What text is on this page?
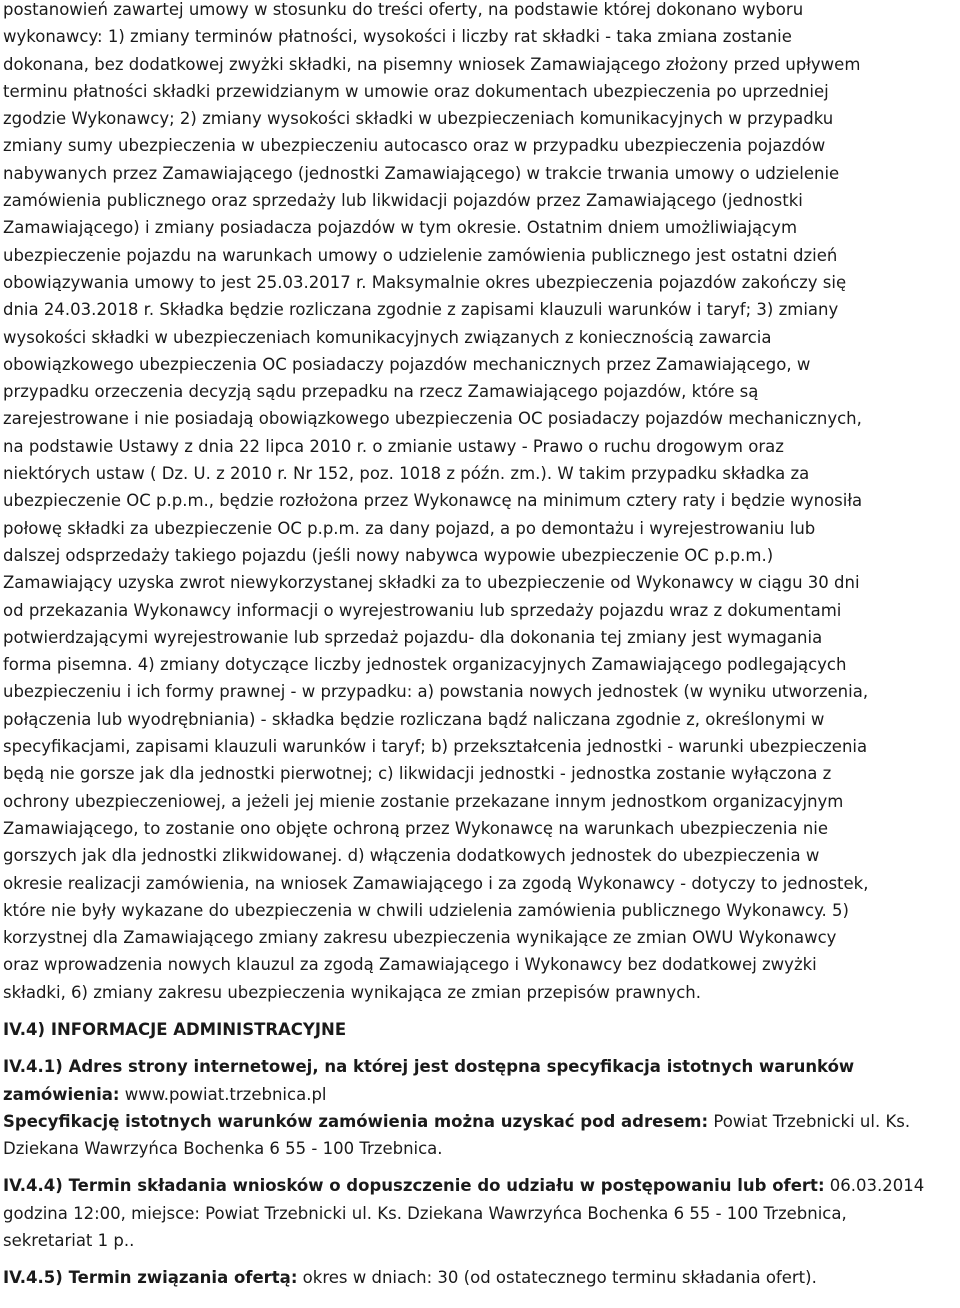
postanowień zawartej umowy w stosunku do treści oferty, na podstawie której dokonano wyboru
wykonawcy: 1) zmiany terminów płatności, wysokości i liczby rat składki - taka zmiana zostanie
dokonana, bez dodatkowej zwyżki składki, na pisemny wniosek Zamawiającego złożony przed upływem
terminu płatności składki przewidzianym w umowie oraz dokumentach ubezpieczenia po uprzedniej
zgodzie Wykonawcy; 2) zmiany wysokości składki w ubezpieczeniach komunikacyjnych w przypadku
zmiany sumy ubezpieczenia w ubezpieczeniu autocasco oraz w przypadku ubezpieczenia pojazdów
nabywanych przez Zamawiającego (jednostki Zamawiającego) w trakcie trwania umowy o udzielenie
zamówienia publicznego oraz sprzedaży lub likwidacji pojazdów przez Zamawiającego (jednostki
Zamawiającego) i zmiany posiadacza pojazdów w tym okresie. Ostatnim dniem umożliwiającym
ubezpieczenie pojazdu na warunkach umowy o udzielenie zamówienia publicznego jest ostatni dzień
obowiązywania umowy to jest 25.03.2017 r. Maksymalnie okres ubezpieczenia pojazdów zakończy się
dnia 24.03.2018 r. Składka będzie rozliczana zgodnie z zapisami klauzuli warunków i taryf; 3) zmiany
wysokości składki w ubezpieczeniach komunikacyjnych związanych z koniecznością zawarcia
obowiązkowego ubezpieczenia OC posiadaczy pojazdów mechanicznych przez Zamawiającego, w
przypadku orzeczenia decyzją sądu przepadku na rzecz Zamawiającego pojazdów, które są
zarejestrowane i nie posiadają obowiązkowego ubezpieczenia OC posiadaczy pojazdów mechanicznych,
na podstawie Ustawy z dnia 22 lipca 2010 r. o zmianie ustawy - Prawo o ruchu drogowym oraz
niektórych ustaw ( Dz. U. z 2010 r. Nr 152, poz. 1018 z późn. zm.). W takim przypadku składka za
ubezpieczenie OC p.p.m., będzie rozłożona przez Wykonawcę na minimum cztery raty i będzie wynosiła
połowę składki za ubezpieczenie OC p.p.m. za dany pojazd, a po demontażu i wyrejestrowaniu lub
dalszej odsprzedaży takiego pojazdu (jeśli nowy nabywca wypowie ubezpieczenie OC p.p.m.)
Zamawiający uzyska zwrot niewykorzystanej składki za to ubezpieczenie od Wykonawcy w ciągu 30 dni
od przekazania Wykonawcy informacji o wyrejestrowaniu lub sprzedaży pojazdu wraz z dokumentami
potwierdzającymi wyrejestrowanie lub sprzedaż pojazdu- dla dokonania tej zmiany jest wymagania
forma pisemna. 4) zmiany dotyczące liczby jednostek organizacyjnych Zamawiającego podlegających
ubezpieczeniu i ich formy prawnej - w przypadku: a) powstania nowych jednostek (w wyniku utworzenia,
połączenia lub wyodrębniania) - składka będzie rozliczana bądź naliczana zgodnie z, określonymi w
specyfikacjami, zapisami klauzuli warunków i taryf; b) przekształcenia jednostki - warunki ubezpieczenia
będą nie gorsze jak dla jednostki pierwotnej; c) likwidacji jednostki - jednostka zostanie wyłączona z
ochrony ubezpieczeniowej, a jeżeli jej mienie zostanie przekazane innym jednostkom organizacyjnym
Zamawiającego, to zostanie ono objęte ochroną przez Wykonawcę na warunkach ubezpieczenia nie
gorszych jak dla jednostki zlikwidowanej. d) włączenia dodatkowych jednostek do ubezpieczenia w
okresie realizacji zamówienia, na wniosek Zamawiającego i za zgodą Wykonawcy - dotyczy to jednostek,
które nie były wykazane do ubezpieczenia w chwili udzielenia zamówienia publicznego Wykonawcy. 5)
korzystnej dla Zamawiającego zmiany zakresu ubezpieczenia wynikające ze zmian OWU Wykonawcy
oraz wprowadzenia nowych klauzul za zgodą Zamawiającego i Wykonawcy bez dodatkowej zwyżki
składki, 6) zmiany zakresu ubezpieczenia wynikająca ze zmian przepisów prawnych.
IV.4) INFORMACJE ADMINISTRACYJNE
IV.4.1) Adres strony internetowej, na której jest dostępna specyfikacja istotnych warunków
zamówienia: www.powiat.trzebnica.pl
Specyfikację istotnych warunków zamówienia można uzyskać pod adresem: Powiat Trzebnicki ul. Ks.
Dziekana Wawrzyńca Bochenka 6 55 - 100 Trzebnica.
IV.4.4) Termin składania wniosków o dopuszczenie do udziału w postępowaniu lub ofert: 06.03.2014
godzina 12:00, miejsce: Powiat Trzebnicki ul. Ks. Dziekana Wawrzyńca Bochenka 6 55 - 100 Trzebnica,
sekretariat 1 p..
IV.4.5) Termin związania ofertą: okres w dniach: 30 (od ostatecznego terminu składania ofert).
